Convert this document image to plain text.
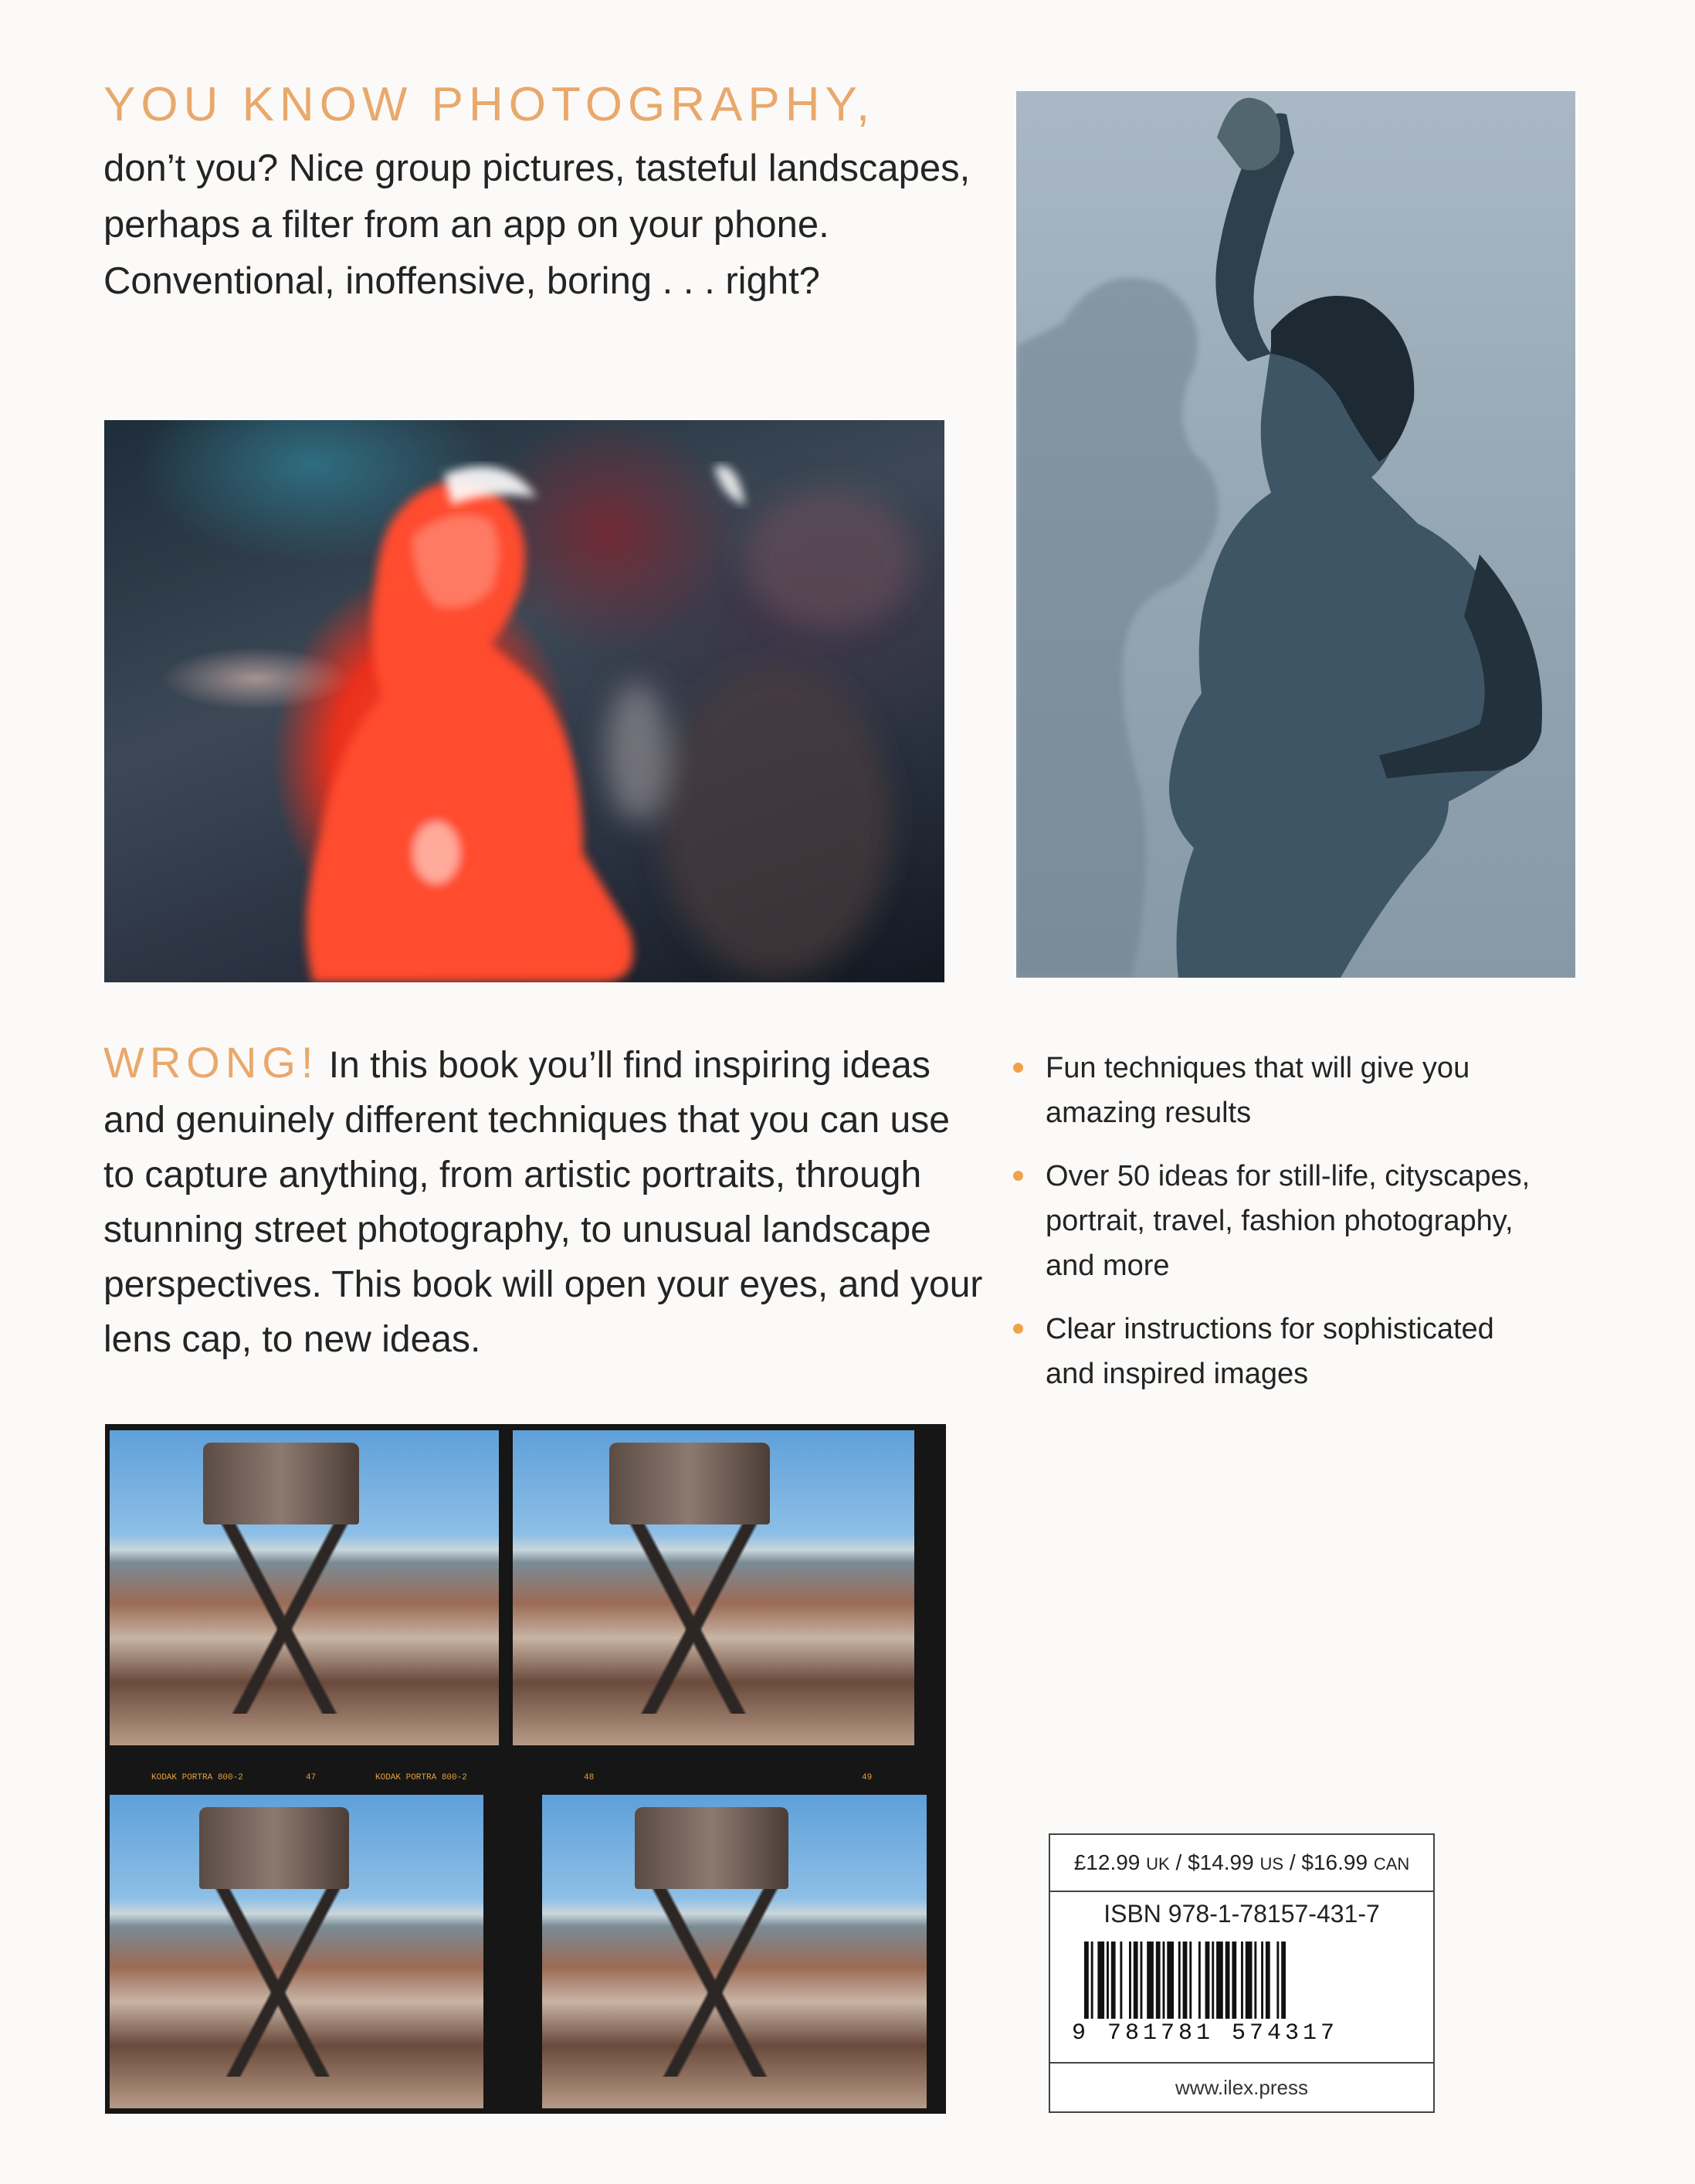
YOU KNOW PHOTOGRAPHY,
don’t you? Nice group pictures, tasteful landscapes,
perhaps a filter from an app on your phone.
Conventional, inoffensive, boring . . . right?
WRONG! In this book you’ll find inspiring ideas
and genuinely different techniques that you can use
to capture anything, from artistic portraits, through
stunning street photography, to unusual landscape
perspectives. This book will open your eyes, and your
lens cap, to new ideas.
Fun techniques that will give you
amazing results
Over 50 ideas for still-life, cityscapes,
portrait, travel, fashion photography,
and more
Clear instructions for sophisticated
and inspired images
KODAK PORTRA 800-2	47	KODAK PORTRA 800-2	48	49
£12.99 UK / $14.99 US / $16.99 CAN
ISBN 978-1-78157-431-7
9 781781 574317
www.ilex.press
